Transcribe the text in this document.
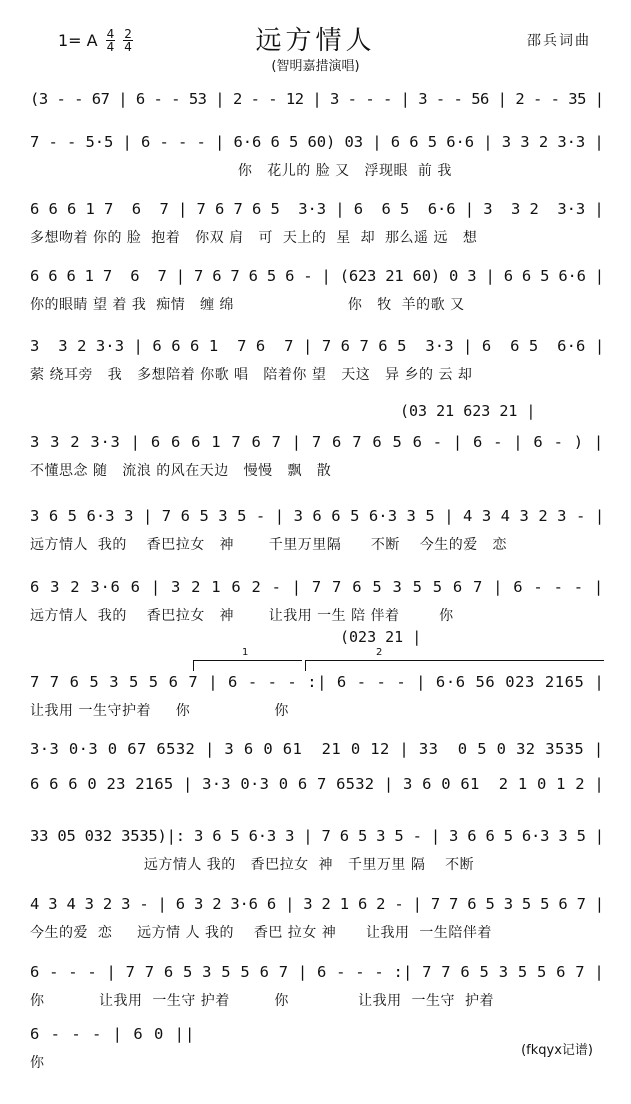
远方情人
(智明嘉措演唱)
邵兵词曲
1= A $\frac{4}{4} \frac{2}{4}$
(3 - - 67 | 6 - - 53 | 2 - - 12 | 3 - - - | 3 - - 56 | 2 - - 35 |
7 - - 5·5 | 6 - - - | 6·6 6 5 60) 03 | 6 6 5 6·6 | 3 3 2 3·3 |
你   花儿的 脸 又   浮现眼  前 我
6 6 6 1 7  6  7 | 7 6 7 6 5  3·3 | 6  6 5  6·6 | 3  3 2  3·3 |
多想吻着 你的 脸  抱着   你双 肩   可  天上的  星  却  那么遥 远   想
6 6 6 1 7  6  7 | 7 6 7 6 5 6 - | (623 21 60) 0 3 | 6 6 5 6·6 |
你的眼睛 望 着 我  痴情   缠 绵                       你   牧  羊的歌 又
3  3 2 3·3 | 6 6 6 1  7 6  7 | 7 6 7 6 5  3·3 | 6  6 5  6·6 |
萦 绕耳旁   我   多想陪着 你歌 唱   陪着你 望   天这   异 乡的 云 却
3 3 2 3·3 | 6 6 6 1 7 6 7 | 7 6 7 6 5 6 - | 6 - | 6 - ) |
不懂思念 随   流浪 的风在天边   慢慢   飘   散
3 6 5 6·3 3 | 7 6 5 3 5 - | 3 6 6 5 6·3 3 5 | 4 3 4 3 2 3 - |
远方情人  我的    香巴拉女   神       千里万里隔      不断    今生的爱   恋
6 3 2 3·6 6 | 3 2 1 6 2 - | 7 7 6 5 3 5 5 6 7 | 6 - - - |
远方情人  我的    香巴拉女   神       让我用 一生 陪 伴着        你
7 7 6 5 3 5 5 6 7 | 6 - - - :| 6 - - - | 6·6 56 023 2165 |
让我用 一生守护着     你                 你
3·3 0·3 0 67 6532 | 3 6 0 61  21 0 12 | 33  0 5 0 32 3535 |
6 6 6 0 23 2165 | 3·3 0·3 0 6 7 6532 | 3 6 0 61  2 1 0 1 2 |
33 05 032 3535)|: 3 6 5 6·3 3 | 7 6 5 3 5 - | 3 6 6 5 6·3 3 5 |
远方情人 我的   香巴拉女  神   千里万里 隔    不断
4 3 4 3 2 3 - | 6 3 2 3·6 6 | 3 2 1 6 2 - | 7 7 6 5 3 5 5 6 7 |
今生的爱  恋     远方情 人 我的    香巴 拉女 神      让我用  一生陪伴着
6 - - - | 7 7 6 5 3 5 5 6 7 | 6 - - - :| 7 7 6 5 3 5 5 6 7 |
你           让我用  一生守 护着         你              让我用  一生守  护着
6 - - - | 6 0 ||
你
(03 21 623 21 |
(023 21 |
1	2
(fkqyx记谱)
